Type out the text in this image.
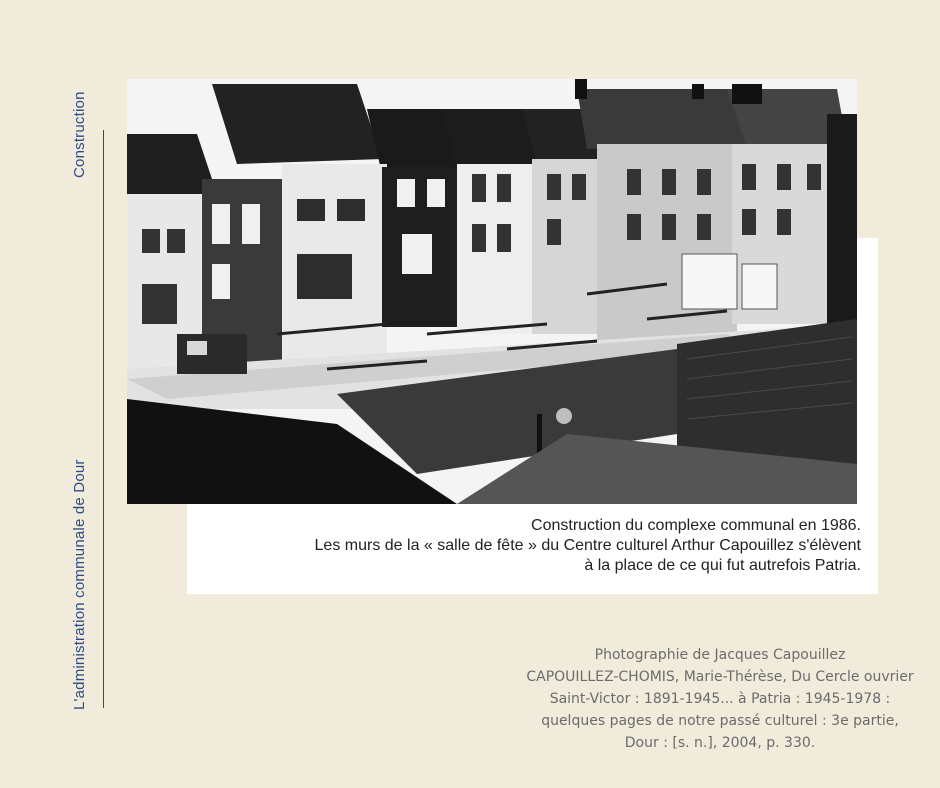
Construction
L'administration communale de Dour	Construction du complexe communal en 1986.
Les murs de la « salle de fête » du Centre culturel Arthur Capouillez s'élèvent
à la place de ce qui fut autrefois Patria.
Photographie de Jacques Capouillez
CAPOUILLEZ-CHOMIS, Marie-Thérèse, Du Cercle ouvrier
Saint-Victor : 1891-1945... à Patria : 1945-1978 :
quelques pages de notre passé culturel : 3e partie,
Dour : [s. n.], 2004, p. 330.
